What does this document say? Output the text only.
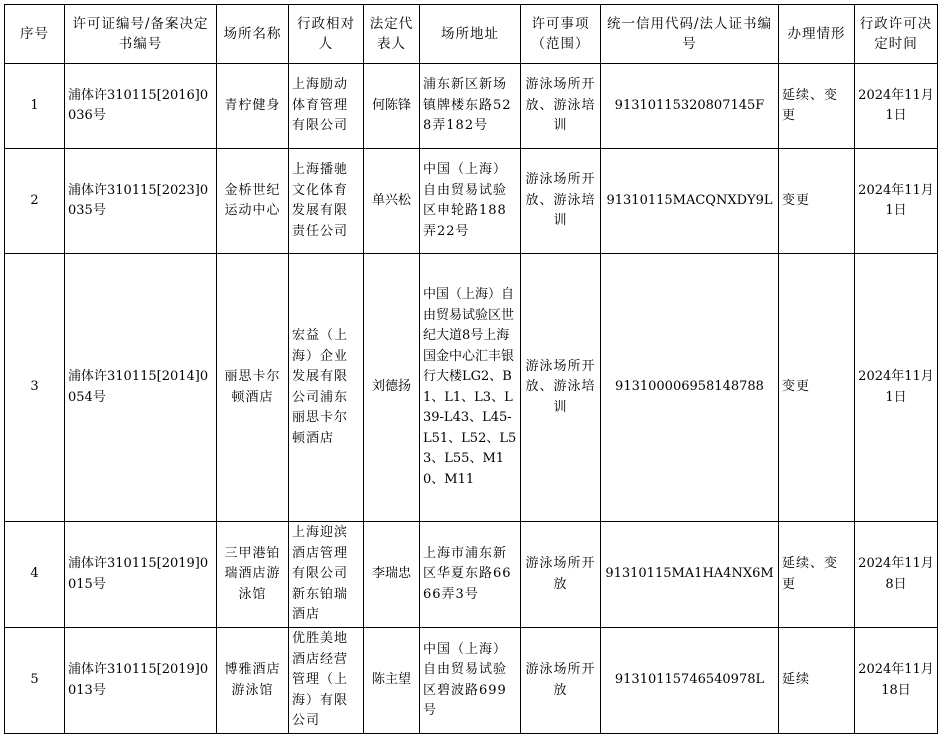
序号	许可证编号/备案决定书编号	场所名称	行政相对人	法定代表人	场所地址	许可事项（范围）	统一信用代码/法人证书编号	办理情形	行政许可决定时间
1	浦体许310115[2016]0036号	青柠健身	上海励动体育管理有限公司	何陈锋	浦东新区新场镇牌楼东路528弄182号	游泳场所开放、游泳培训	91310115320807145F	延续、变更	2024年11月1日
2	浦体许310115[2023]0035号	金桥世纪运动中心	上海播驰文化体育发展有限责任公司	单兴松	中国（上海）自由贸易试验区申轮路188弄22号	游泳场所开放、游泳培训	91310115MACQNXDY9L	变更	2024年11月1日
3	浦体许310115[2014]0054号	丽思卡尔顿酒店	宏益（上海）企业发展有限公司浦东丽思卡尔顿酒店	刘德扬	中国（上海）自由贸易试验区世纪大道8号上海国金中心汇丰银行大楼LG2、B1、L1、L3、L39-L43、L45-L51、L52、L53、L55、M10、M11	游泳场所开放、游泳培训	913100006958148788	变更	2024年11月1日
4	浦体许310115[2019]0015号	三甲港铂瑞酒店游泳馆	上海迎滨酒店管理有限公司新东铂瑞酒店	李瑞忠	上海市浦东新区华夏东路6666弄3号	游泳场所开放	91310115MA1HA4NX6M	延续、变更	2024年11月8日
5	浦体许310115[2019]0013号	博雅酒店游泳馆	优胜美地酒店经营管理（上海）有限公司	陈主望	中国（上海）自由贸易试验区碧波路699号	游泳场所开放	91310115746540978L	延续	2024年11月18日
